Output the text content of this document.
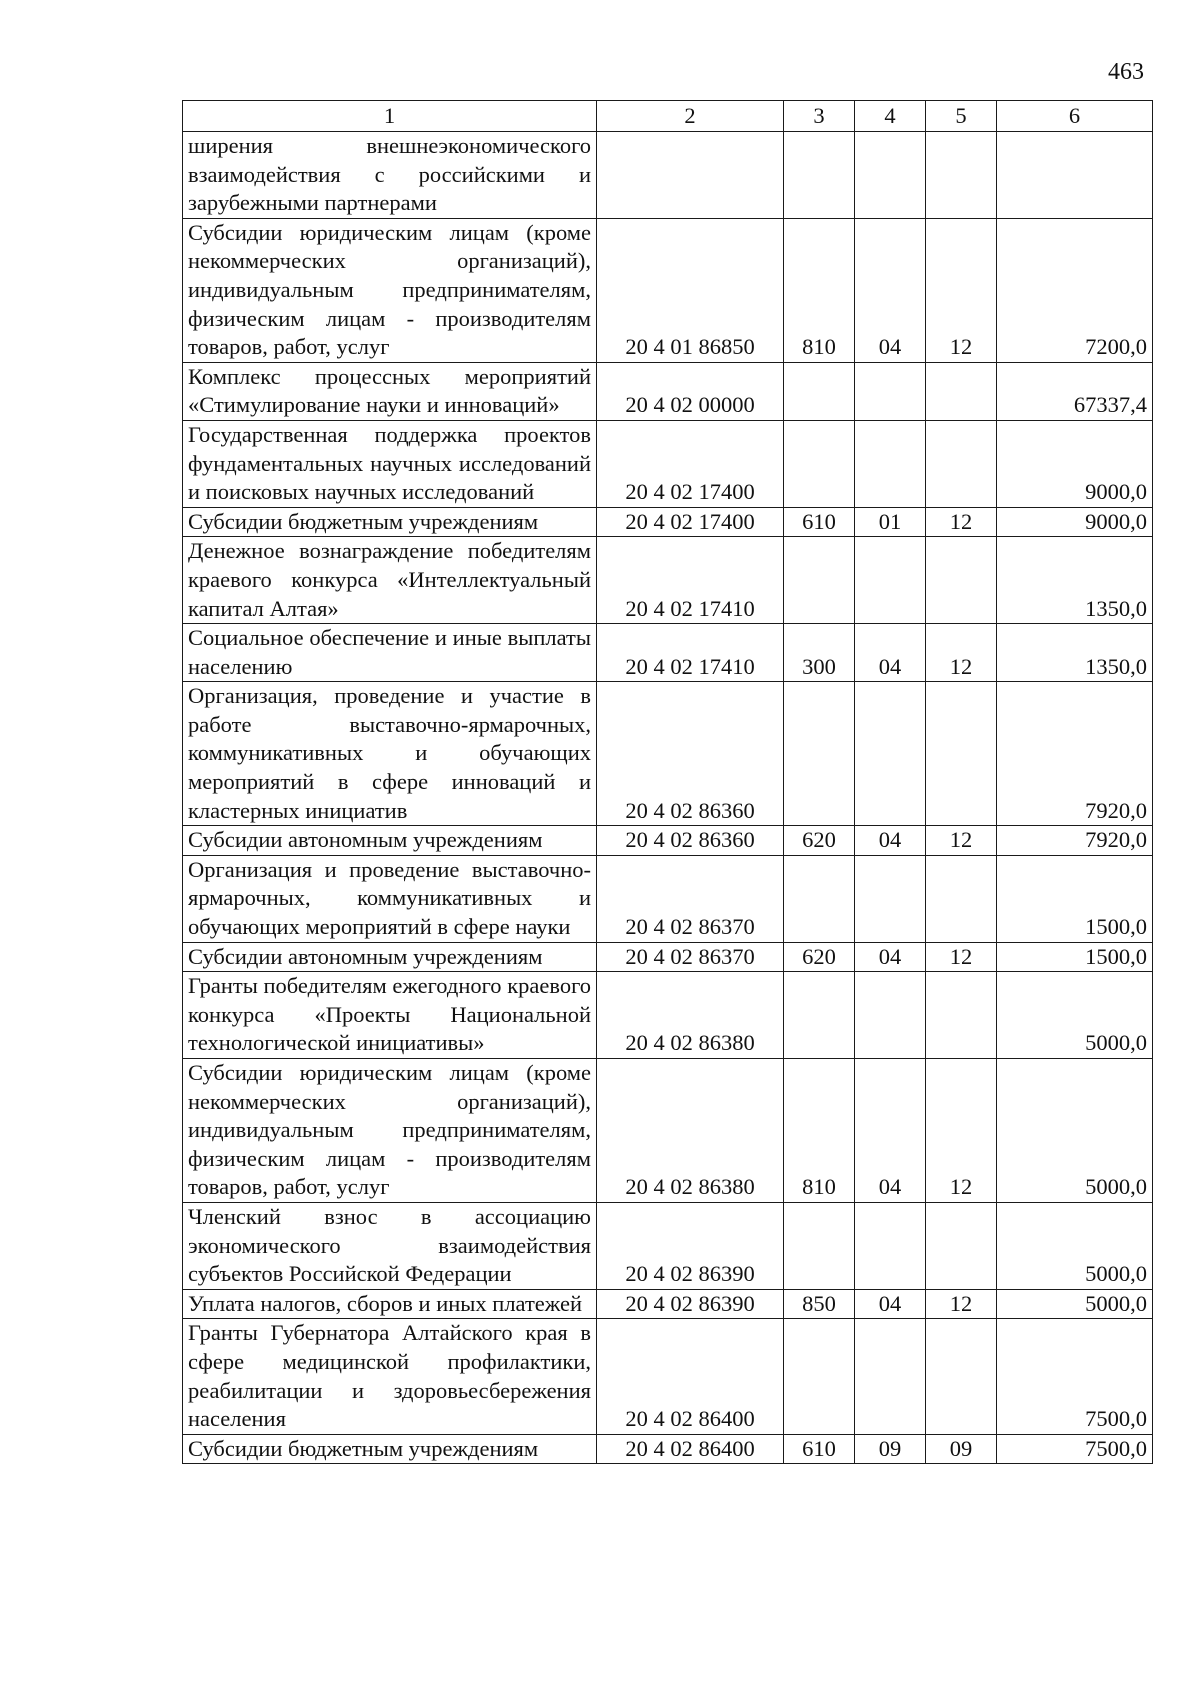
463
1	2	3	4	5	6
ширения внешнеэкономического взаимодействия с российскими и зарубежными партнерами					
Субсидии юридическим лицам (кроме некоммерческих организаций), индивидуальным предпринимателям, физическим лицам - производителям товаров, работ, услуг	20 4 01 86850	810	04	12	7200,0
Комплекс процессных мероприятий «Стимулирование науки и инноваций»	20 4 02 00000				67337,4
Государственная поддержка проектов фундаментальных научных исследований и поисковых научных исследований	20 4 02 17400				9000,0
Субсидии бюджетным учреждениям	20 4 02 17400	610	01	12	9000,0
Денежное вознаграждение победителям краевого конкурса «Интеллектуальный капитал Алтая»	20 4 02 17410				1350,0
Социальное обеспечение и иные выплаты населению	20 4 02 17410	300	04	12	1350,0
Организация, проведение и участие в работе выставочно-ярмарочных, коммуникативных и обучающих мероприятий в сфере инноваций и кластерных инициатив	20 4 02 86360				7920,0
Субсидии автономным учреждениям	20 4 02 86360	620	04	12	7920,0
Организация и проведение выставочно-ярмарочных, коммуникативных и обучающих мероприятий в сфере науки	20 4 02 86370				1500,0
Субсидии автономным учреждениям	20 4 02 86370	620	04	12	1500,0
Гранты победителям ежегодного краевого конкурса «Проекты Национальной технологической инициативы»	20 4 02 86380				5000,0
Субсидии юридическим лицам (кроме некоммерческих организаций), индивидуальным предпринимателям, физическим лицам - производителям товаров, работ, услуг	20 4 02 86380	810	04	12	5000,0
Членский взнос в ассоциацию экономического взаимодействия субъектов Российской Федерации	20 4 02 86390				5000,0
Уплата налогов, сборов и иных платежей	20 4 02 86390	850	04	12	5000,0
Гранты Губернатора Алтайского края в сфере медицинской профилактики, реабилитации и здоровьесбережения населения	20 4 02 86400				7500,0
Субсидии бюджетным учреждениям	20 4 02 86400	610	09	09	7500,0
